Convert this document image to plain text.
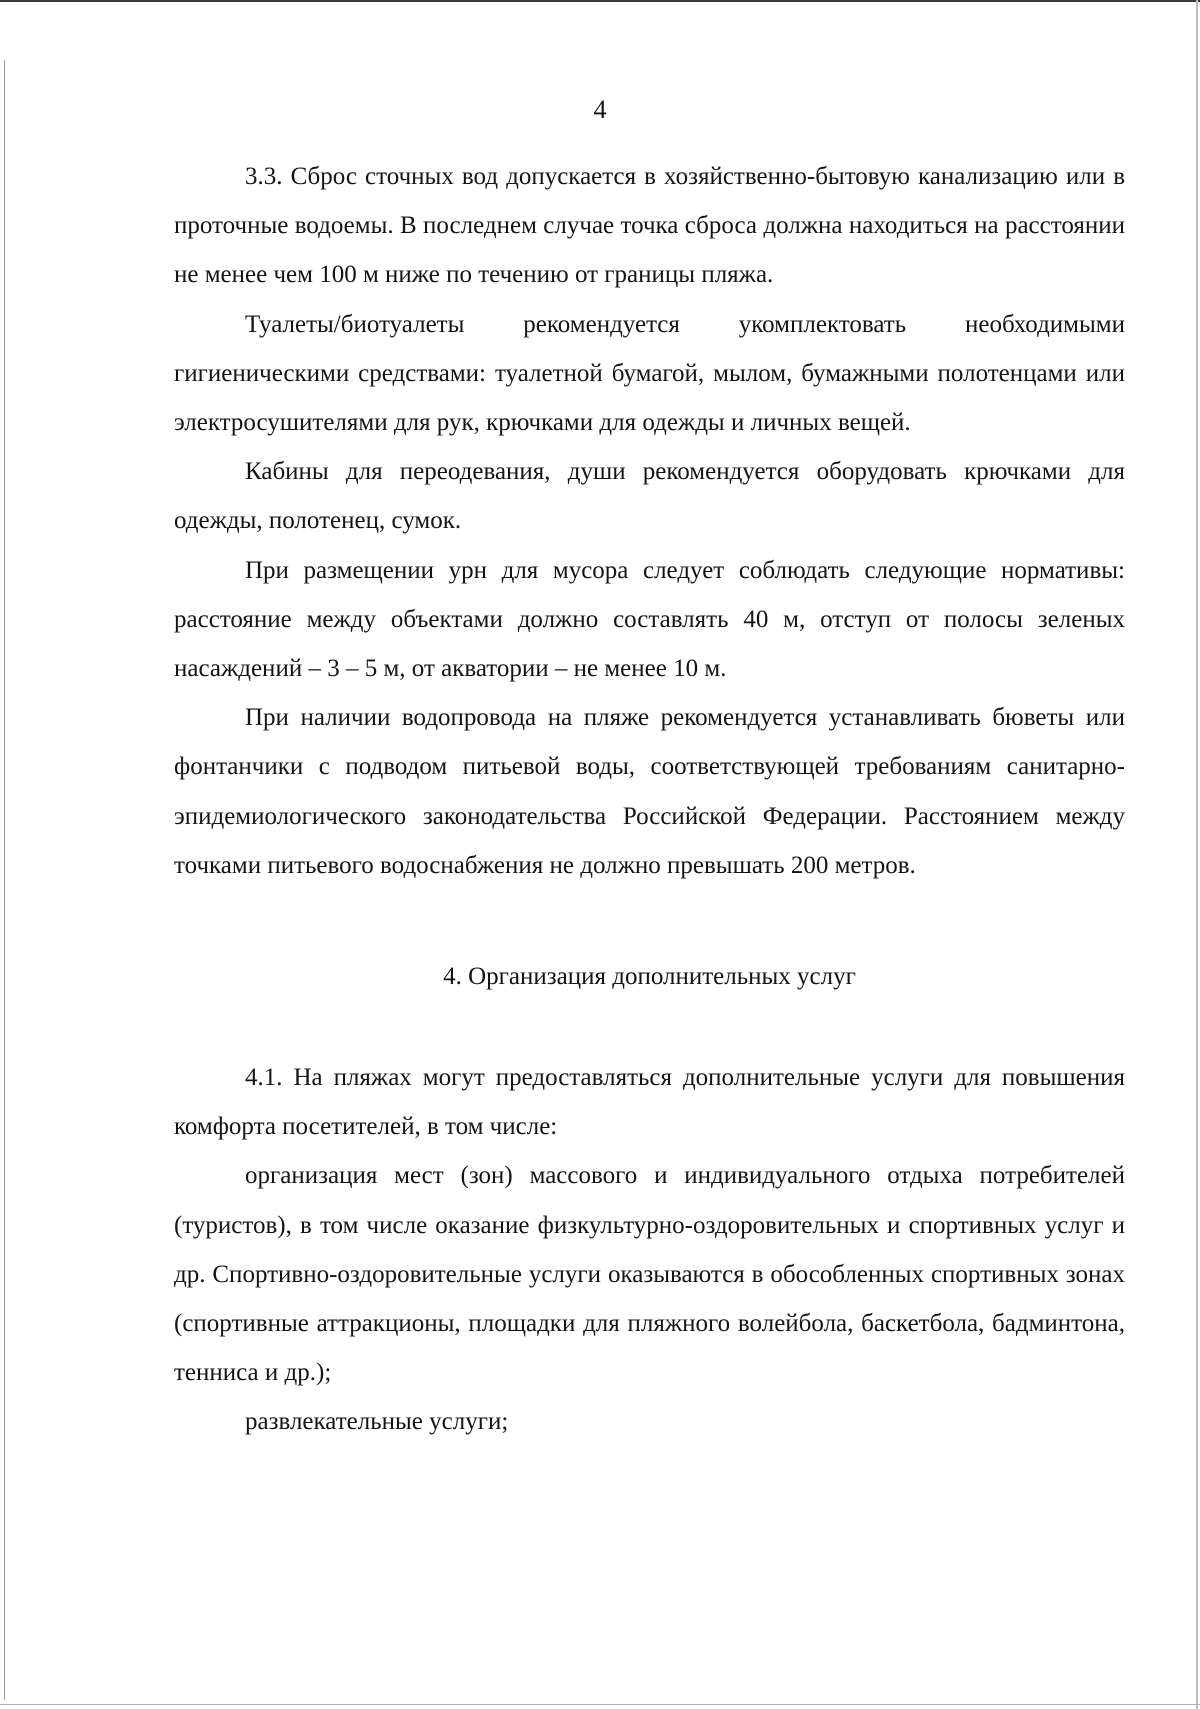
4

3.3. Сброс сточных вод допускается в хозяйственно-бытовую канализацию или в проточные водоемы. В последнем случае точка сброса должна находиться на расстоянии не менее чем 100 м ниже по течению от границы пляжа.

Туалеты/биотуалеты рекомендуется укомплектовать необходимыми гигиеническими средствами: туалетной бумагой, мылом, бумажными полотенцами или электросушителями для рук, крючками для одежды и личных вещей.

Кабины для переодевания, души рекомендуется оборудовать крючками для одежды, полотенец, сумок.

При размещении урн для мусора следует соблюдать следующие нормативы: расстояние между объектами должно составлять 40 м, отступ от полосы зеленых насаждений – 3 – 5 м, от акватории – не менее 10 м.

При наличии водопровода на пляже рекомендуется устанавливать бюветы или фонтанчики с подводом питьевой воды, соответствующей требованиям санитарно-эпидемиологического законодательства Российской Федерации. Расстоянием между точками питьевого водоснабжения не должно превышать 200 метров.

4. Организация дополнительных услуг

4.1. На пляжах могут предоставляться дополнительные услуги для повышения комфорта посетителей, в том числе:

организация мест (зон) массового и индивидуального отдыха потребителей (туристов), в том числе оказание физкультурно-оздоровительных и спортивных услуг и др. Спортивно-оздоровительные услуги оказываются в обособленных спортивных зонах (спортивные аттракционы, площадки для пляжного волейбола, баскетбола, бадминтона, тенниса и др.);

развлекательные услуги;
